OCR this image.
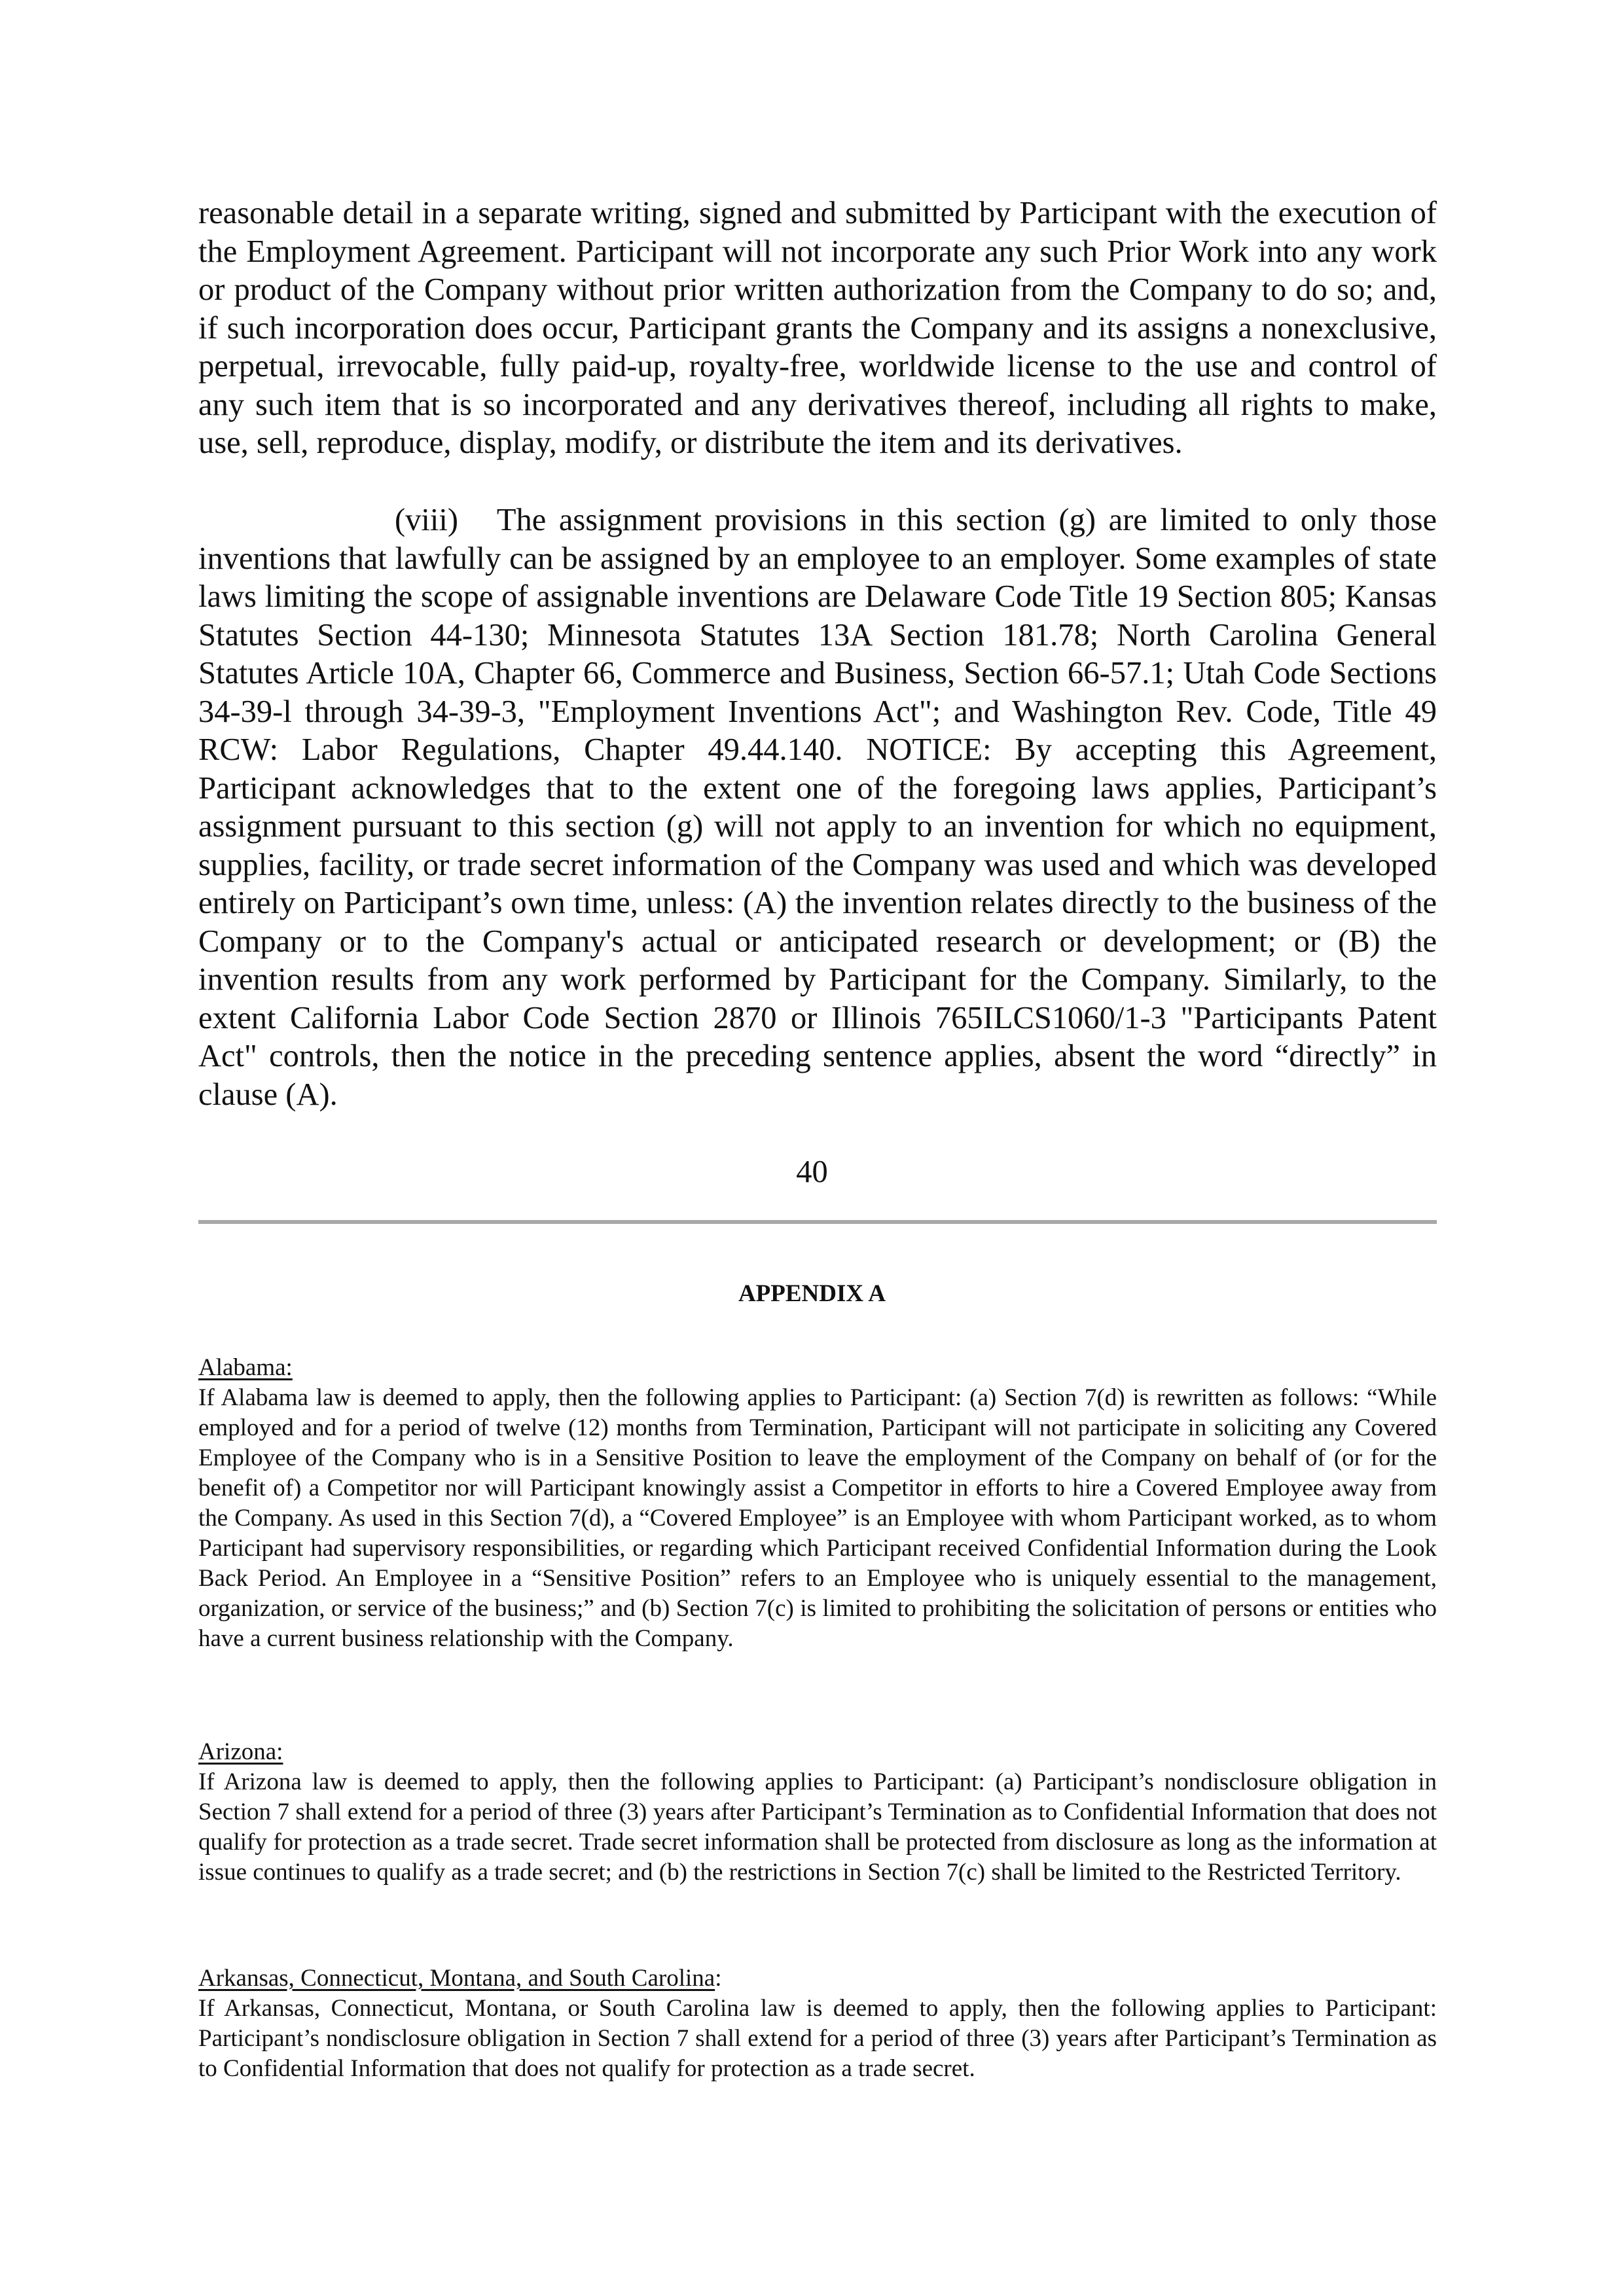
reasonable detail in a separate writing, signed and submitted by Participant with the execution of the Employment Agreement. Participant will not incorporate any such Prior Work into any work or product of the Company without prior written authorization from the Company to do so; and, if such incorporation does occur, Participant grants the Company and its assigns a nonexclusive, perpetual, irrevocable, fully paid-up, royalty-free, worldwide license to the use and control of any such item that is so incorporated and any derivatives thereof, including all rights to make, use, sell, reproduce, display, modify, or distribute the item and its derivatives.

(viii)   The assignment provisions in this section (g) are limited to only those inventions that lawfully can be assigned by an employee to an employer. Some examples of state laws limiting the scope of assignable inventions are Delaware Code Title 19 Section 805; Kansas Statutes Section 44-130; Minnesota Statutes 13A Section 181.78; North Carolina General Statutes Article 10A, Chapter 66, Commerce and Business, Section 66-57.1; Utah Code Sections 34-39-l through 34-39-3, "Employment Inventions Act"; and Washington Rev. Code, Title 49 RCW: Labor Regulations, Chapter 49.44.140. NOTICE: By accepting this Agreement, Participant acknowledges that to the extent one of the foregoing laws applies, Participant’s assignment pursuant to this section (g) will not apply to an invention for which no equipment, supplies, facility, or trade secret information of the Company was used and which was developed entirely on Participant’s own time, unless: (A) the invention relates directly to the business of the Company or to the Company's actual or anticipated research or development; or (B) the invention results from any work performed by Participant for the Company. Similarly, to the extent California Labor Code Section 2870 or Illinois 765ILCS1060/1-3 "Participants Patent Act" controls, then the notice in the preceding sentence applies, absent the word “directly” in clause (A).

40
APPENDIX A
Alabama:

If Alabama law is deemed to apply, then the following applies to Participant: (a) Section 7(d) is rewritten as follows: “While employed and for a period of twelve (12) months from Termination, Participant will not participate in soliciting any Covered Employee of the Company who is in a Sensitive Position to leave the employment of the Company on behalf of (or for the benefit of) a Competitor nor will Participant knowingly assist a Competitor in efforts to hire a Covered Employee away from the Company. As used in this Section 7(d), a “Covered Employee” is an Employee with whom Participant worked, as to whom Participant had supervisory responsibilities, or regarding which Participant received Confidential Information during the Look Back Period. An Employee in a “Sensitive Position” refers to an Employee who is uniquely essential to the management, organization, or service of the business;” and (b) Section 7(c) is limited to prohibiting the solicitation of persons or entities who have a current business relationship with the Company.

Arizona:

If Arizona law is deemed to apply, then the following applies to Participant: (a) Participant’s nondisclosure obligation in Section 7 shall extend for a period of three (3) years after Participant’s Termination as to Confidential Information that does not qualify for protection as a trade secret. Trade secret information shall be protected from disclosure as long as the information at issue continues to qualify as a trade secret; and (b) the restrictions in Section 7(c) shall be limited to the Restricted Territory.

Arkansas, Connecticut, Montana, and South Carolina:

If Arkansas, Connecticut, Montana, or South Carolina law is deemed to apply, then the following applies to Participant: Participant’s nondisclosure obligation in Section 7 shall extend for a period of three (3) years after Participant’s Termination as to Confidential Information that does not qualify for protection as a trade secret.
